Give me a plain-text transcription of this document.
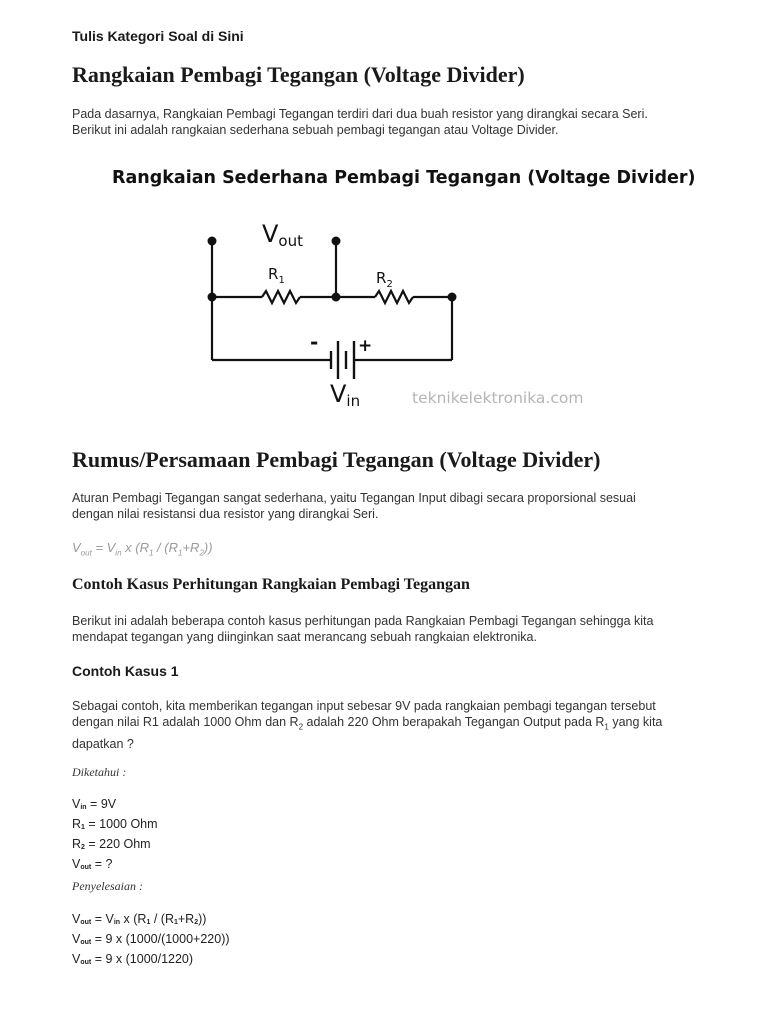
Tulis Kategori Soal di Sini

Rangkaian Pembagi Tegangan (Voltage Divider)

Pada dasarnya, Rangkaian Pembagi Tegangan terdiri dari dua buah resistor yang dirangkai secara Seri.
Berikut ini adalah rangkaian sederhana sebuah pembagi tegangan atau Voltage Divider.

Rangkaian Sederhana Pembagi Tegangan (Voltage Divider)
Vout
$R_1$	$R_2$
- +
Vin	teknikelektronika.com
Rumus/Persamaan Pembagi Tegangan (Voltage Divider)

Aturan Pembagi Tegangan sangat sederhana, yaitu Tegangan Input dibagi secara proporsional sesuai
dengan nilai resistansi dua resistor yang dirangkai Seri.

$V_{out} = V_{in}$ x $(R_1 / (R_1+R_2))$

Contoh Kasus Perhitungan Rangkaian Pembagi Tegangan

Berikut ini adalah beberapa contoh kasus perhitungan pada Rangkaian Pembagi Tegangan sehingga kita
mendapat tegangan yang diinginkan saat merancang sebuah rangkaian elektronika.

Contoh Kasus 1

Sebagai contoh, kita memberikan tegangan input sebesar 9V pada rangkaian pembagi tegangan tersebut
dengan nilai R1 adalah 1000 Ohm dan $R_2$ adalah 220 Ohm berapakah Tegangan Output pada $R_1$ yang kita
dapatkan ?

Diketahui :

$V_{in} = 9V$
$R_1 = 1000$ Ohm
$R_2 = 220$ Ohm
$V_{out}$ = ?

Penyelesaian :

$V_{out} = V_{in}$ x $(R_1 / (R_1+R_2))$
$V_{out} = 9$ x (1000/(1000+220))
$V_{out} = 9$ x (1000/1220)
